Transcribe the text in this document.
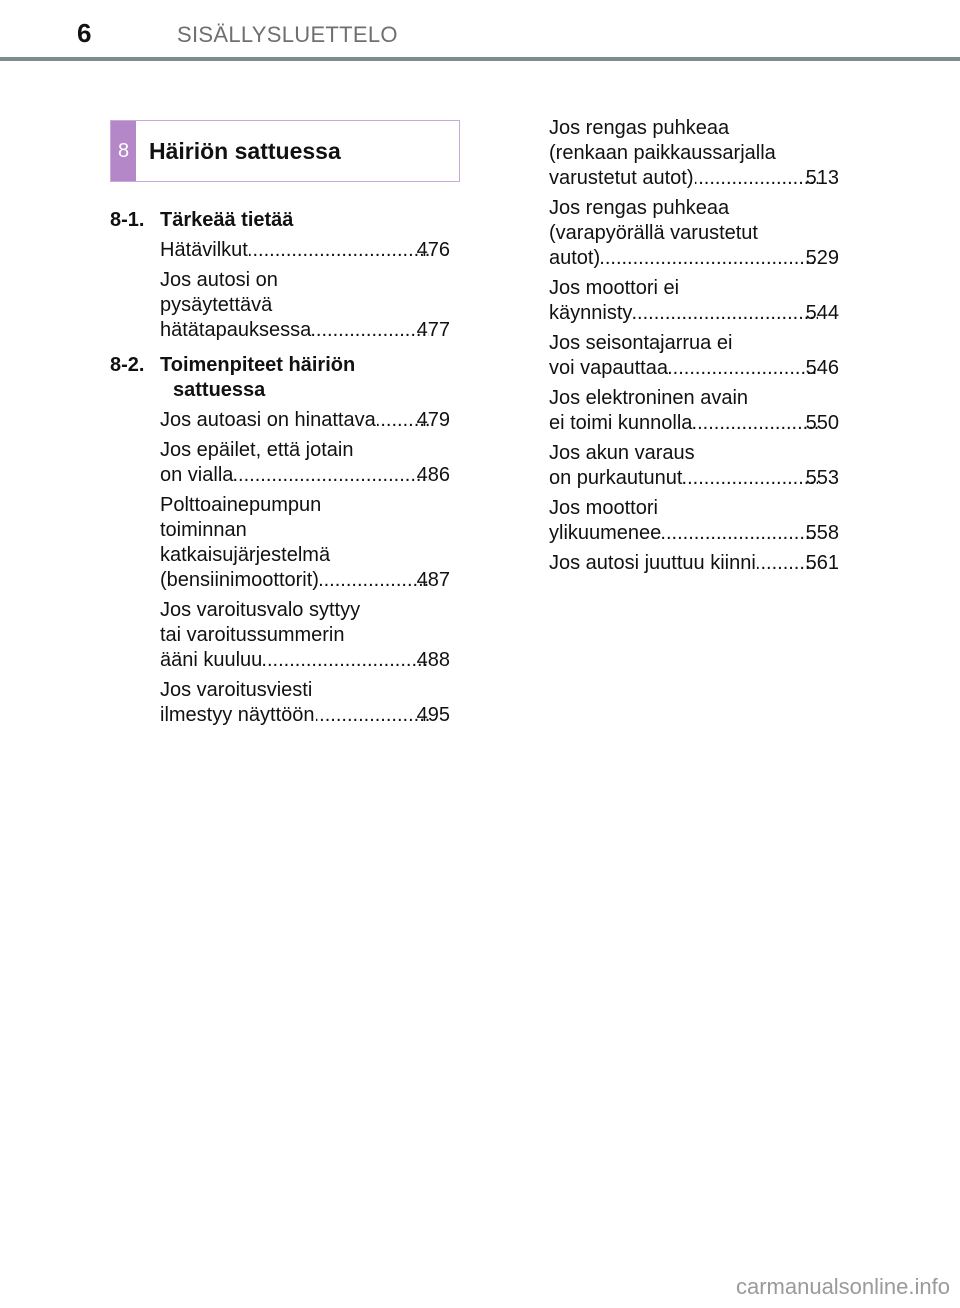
6	SISÄLLYSLUETTELO
8 Häiriön sattuessa
8-1. Tärkeää tietää
Hätävilkut .....	476
Jos autosi on
pysäytettävä
hätätapauksessa .....	477
8-2. Toimenpiteet häiriön sattuessa
Jos autoasi on hinattava ..... 479
Jos epäilet, että jotain
on vialla .....	486
Polttoainepumpun
toiminnan
katkaisujärjestelmä
(bensiinimoottorit) .....	487
Jos varoitusvalo syttyy
tai varoitussummerin
ääni kuuluu .....	488
Jos varoitusviesti
ilmestyy näyttöön .....	495
Jos rengas puhkeaa
(renkaan paikkaussarjalla
varustetut autot) .....	513
Jos rengas puhkeaa
(varapyörällä varustetut
autot) .....	529
Jos moottori ei
käynnisty .....	544
Jos seisontajarrua ei
voi vapauttaa .....	546
Jos elektroninen avain
ei toimi kunnolla .....	550
Jos akun varaus
on purkautunut .....	553
Jos moottori
ylikuumenee .....	558
Jos autosi juuttuu kiinni ..... 561
carmanualsonline.info
